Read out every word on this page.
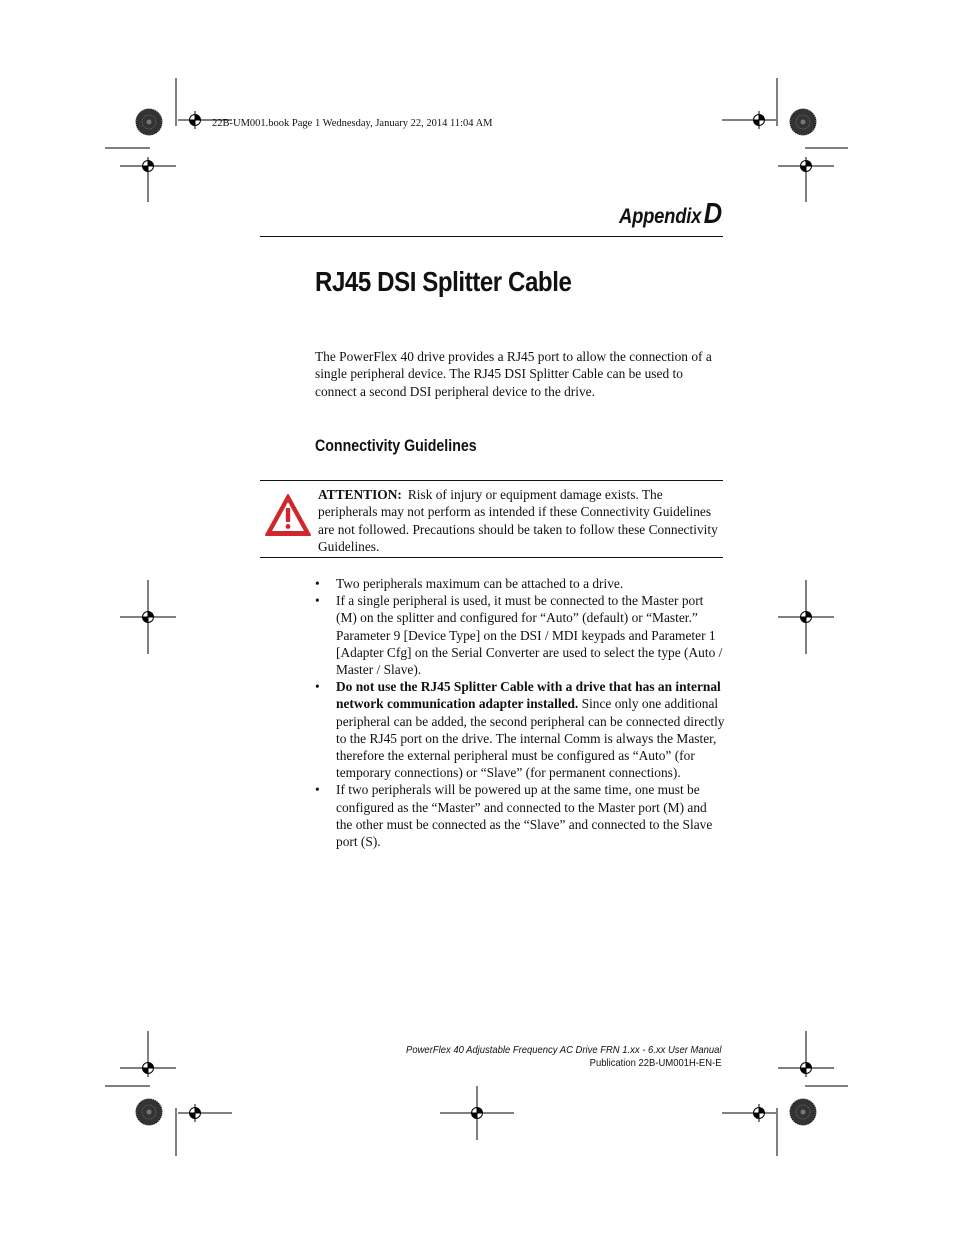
22B-UM001.book Page 1 Wednesday, January 22, 2014 11:04 AM
AppendixD
RJ45 DSI Splitter Cable

The PowerFlex 40 drive provides a RJ45 port to allow the connection of a single peripheral device. The RJ45 DSI Splitter Cable can be used to connect a second DSI peripheral device to the drive.

Connectivity Guidelines

ATTENTION: Risk of injury or equipment damage exists. The peripherals may not perform as intended if these Connectivity Guidelines are not followed. Precautions should be taken to follow these Connectivity Guidelines.

• Two peripherals maximum can be attached to a drive.
• If a single peripheral is used, it must be connected to the Master port (M) on the splitter and configured for “Auto” (default) or “Master.” Parameter 9 [Device Type] on the DSI / MDI keypads and Parameter 1 [Adapter Cfg] on the Serial Converter are used to select the type (Auto / Master / Slave).
• Do not use the RJ45 Splitter Cable with a drive that has an internal network communication adapter installed. Since only one additional peripheral can be added, the second peripheral can be connected directly to the RJ45 port on the drive. The internal Comm is always the Master, therefore the external peripheral must be configured as “Auto” (for temporary connections) or “Slave” (for permanent connections).
• If two peripherals will be powered up at the same time, one must be configured as the “Master” and connected to the Master port (M) and the other must be connected as the “Slave” and connected to the Slave port (S).
PowerFlex 40 Adjustable Frequency AC Drive FRN 1.xx - 6.xx User Manual
Publication 22B-UM001H-EN-E
